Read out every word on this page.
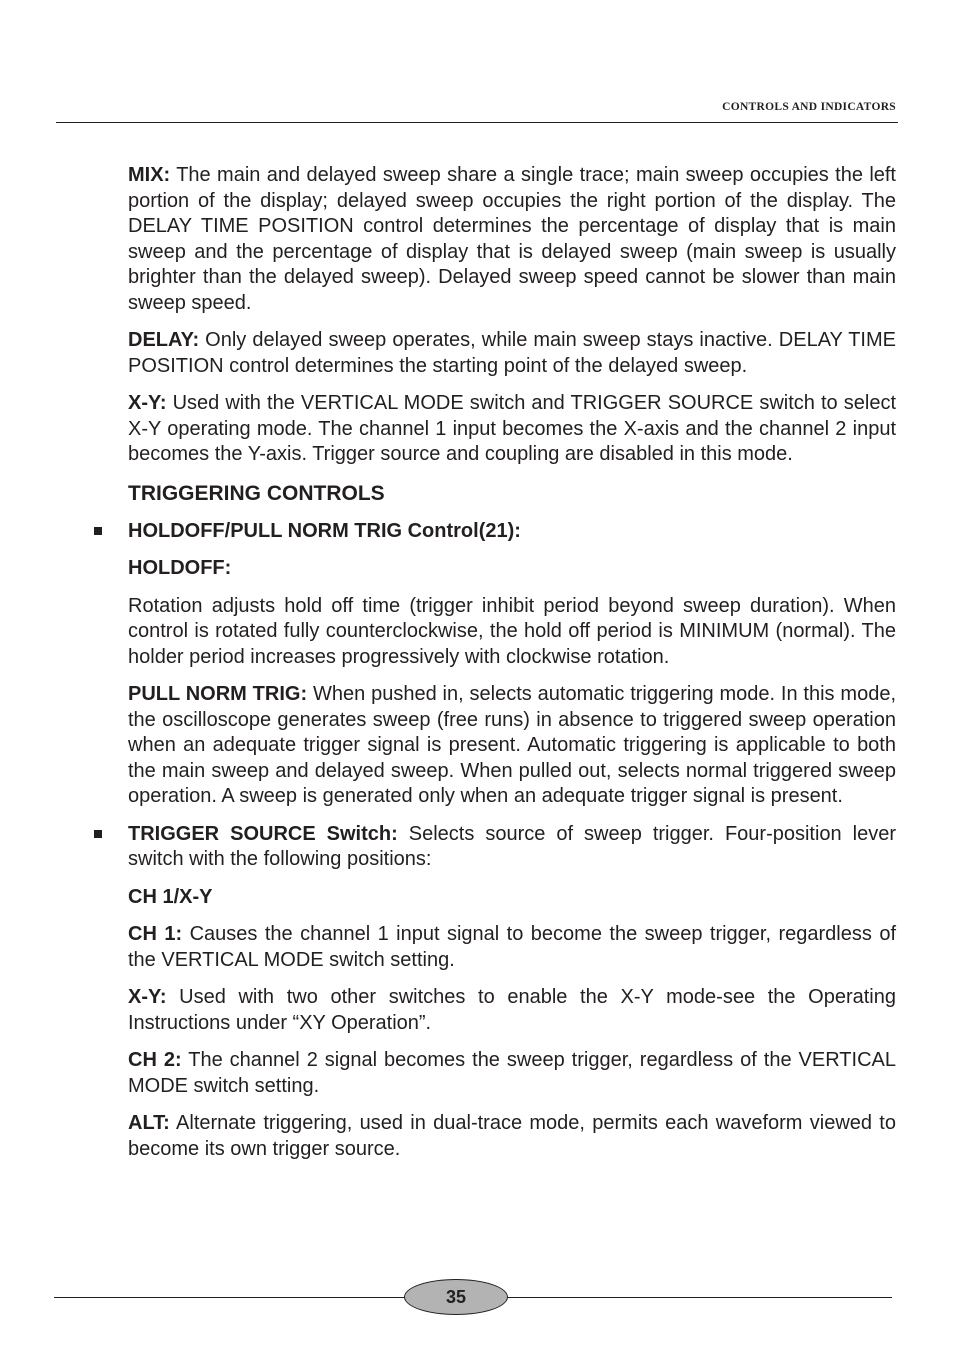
CONTROLS AND INDICATORS

MIX: The main and delayed sweep share a single trace; main sweep occupies the left portion of the display; delayed sweep occupies the right portion of the display. The DELAY TIME POSITION control determines the percentage of display that is main sweep and the percentage of display that is delayed sweep (main sweep is usually brighter than the delayed sweep). Delayed sweep speed cannot be slower than main sweep speed.

DELAY: Only delayed sweep operates, while main sweep stays inactive. DELAY TIME POSITION control determines the starting point of the delayed sweep.

X-Y: Used with the VERTICAL MODE switch and TRIGGER SOURCE switch to select X-Y operating mode. The channel 1 input becomes the X-axis and the channel 2 input becomes the Y-axis. Trigger source and coupling are disabled in this mode.

TRIGGERING CONTROLS

HOLDOFF/PULL NORM TRIG Control(21):

HOLDOFF:

Rotation adjusts hold off time (trigger inhibit period beyond sweep duration). When control is rotated fully counterclockwise, the hold off period is MINIMUM (normal). The holder period increases progressively with clockwise rotation.

PULL NORM TRIG: When pushed in, selects automatic triggering mode. In this mode, the oscilloscope generates sweep (free runs) in absence to triggered sweep operation when an adequate trigger signal is present. Automatic triggering is applicable to both the main sweep and delayed sweep. When pulled out, selects normal triggered sweep operation. A sweep is generated only when an adequate trigger signal is present.

TRIGGER SOURCE Switch: Selects source of sweep trigger. Four-position lever switch with the following positions:

CH 1/X-Y

CH 1: Causes the channel 1 input signal to become the sweep trigger, regardless of the VERTICAL MODE switch setting.

X-Y: Used with two other switches to enable the X-Y mode-see the Operating Instructions under “XY Operation”.

CH 2: The channel 2 signal becomes the sweep trigger, regardless of the VERTICAL MODE switch setting.

ALT: Alternate triggering, used in dual-trace mode, permits each waveform viewed to become its own trigger source.

35
